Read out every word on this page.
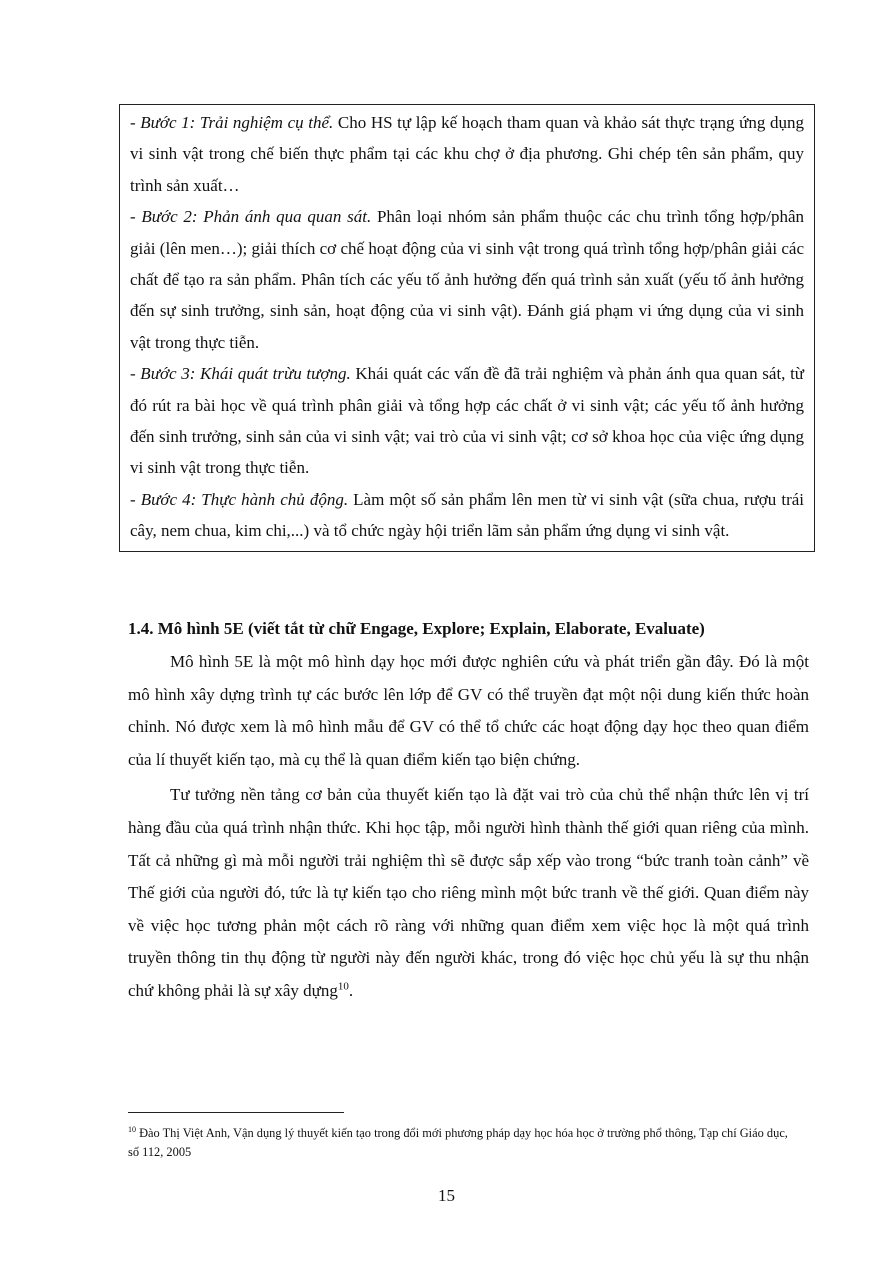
- Bước 1: Trải nghiệm cụ thể. Cho HS tự lập kế hoạch tham quan và khảo sát thực trạng ứng dụng vi sinh vật trong chế biến thực phẩm tại các khu chợ ở địa phương. Ghi chép tên sản phẩm, quy trình sản xuất…

- Bước 2: Phản ánh qua quan sát. Phân loại nhóm sản phẩm thuộc các chu trình tổng hợp/phân giải (lên men…); giải thích cơ chế hoạt động của vi sinh vật trong quá trình tổng hợp/phân giải các chất để tạo ra sản phẩm. Phân tích các yếu tố ảnh hưởng đến quá trình sản xuất (yếu tố ảnh hưởng đến sự sinh trưởng, sinh sản, hoạt động của vi sinh vật). Đánh giá phạm vi ứng dụng của vi sinh vật trong thực tiễn.

- Bước 3: Khái quát trừu tượng. Khái quát các vấn đề đã trải nghiệm và phản ánh qua quan sát, từ đó rút ra bài học về quá trình phân giải và tổng hợp các chất ở vi sinh vật; các yếu tố ảnh hưởng đến sinh trưởng, sinh sản của vi sinh vật; vai trò của vi sinh vật; cơ sở khoa học của việc ứng dụng vi sinh vật trong thực tiễn.

- Bước 4: Thực hành chủ động. Làm một số sản phẩm lên men từ vi sinh vật (sữa chua, rượu trái cây, nem chua, kim chi,...) và tổ chức ngày hội triển lãm sản phẩm ứng dụng vi sinh vật.

1.4. Mô hình 5E (viết tắt từ chữ Engage, Explore; Explain, Elaborate, Evaluate)

Mô hình 5E là một mô hình dạy học mới được nghiên cứu và phát triển gần đây. Đó là một mô hình xây dựng trình tự các bước lên lớp để GV có thể truyền đạt một nội dung kiến thức hoàn chỉnh. Nó được xem là mô hình mẫu để GV có thể tổ chức các hoạt động dạy học theo quan điểm của lí thuyết kiến tạo, mà cụ thể là quan điểm kiến tạo biện chứng.

Tư tưởng nền tảng cơ bản của thuyết kiến tạo là đặt vai trò của chủ thể nhận thức lên vị trí hàng đầu của quá trình nhận thức. Khi học tập, mỗi người hình thành thế giới quan riêng của mình. Tất cả những gì mà mỗi người trải nghiệm thì sẽ được sắp xếp vào trong “bức tranh toàn cảnh” về Thế giới của người đó, tức là tự kiến tạo cho riêng mình một bức tranh về thế giới. Quan điểm này về việc học tương phản một cách rõ ràng với những quan điểm xem việc học là một quá trình truyền thông tin thụ động từ người này đến người khác, trong đó việc học chủ yếu là sự thu nhận chứ không phải là sự xây dựng$^{10}$.

$^{10}$ Đào Thị Việt Anh, Vận dụng lý thuyết kiến tạo trong đổi mới phương pháp dạy học hóa học ở trường phổ thông, Tạp chí Giáo dục, số 112, 2005
15
